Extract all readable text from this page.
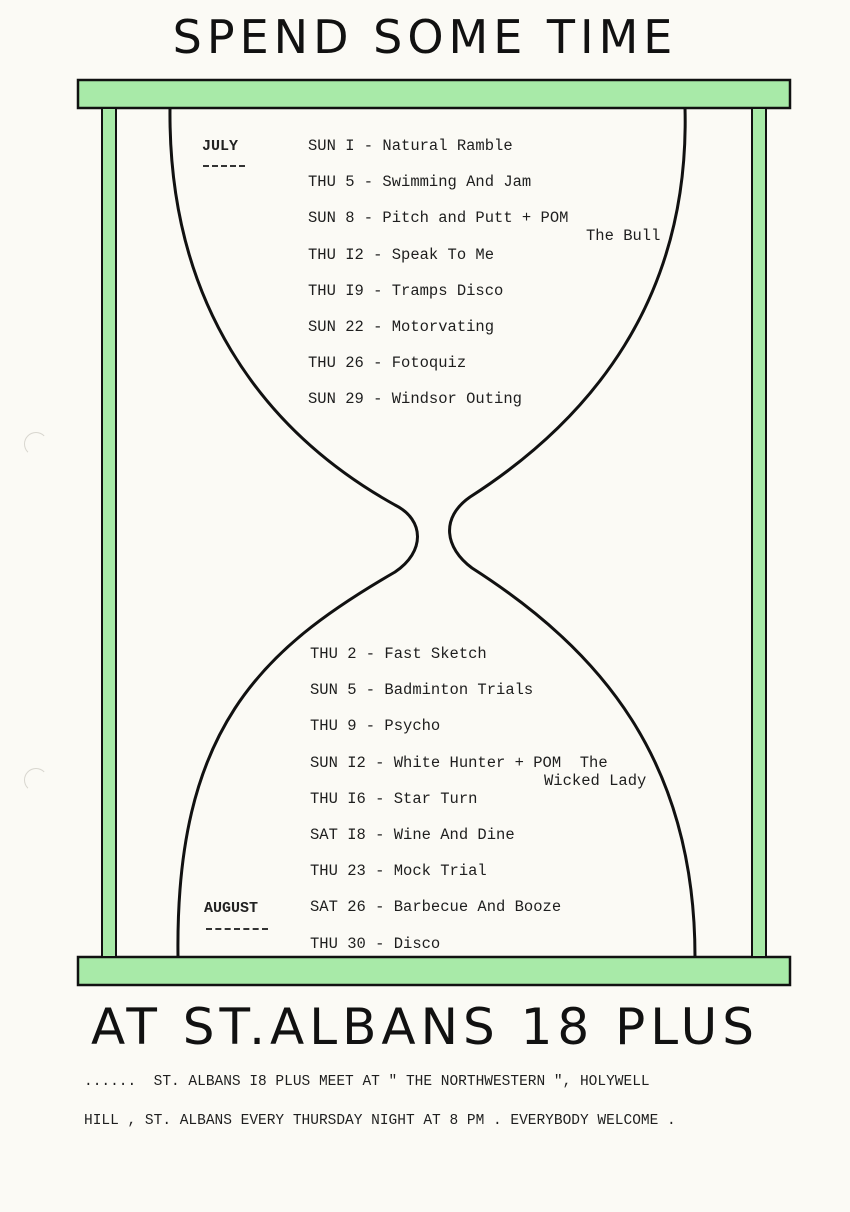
SPEND SOME TIME
JULY
AUGUST
SUN I - Natural Ramble
THU 5 - Swimming And Jam
SUN 8 - Pitch and Putt + POM
The Bull
THU I2 - Speak To Me
THU I9 - Tramps Disco
SUN 22 - Motorvating
THU 26 - Fotoquiz
SUN 29 - Windsor Outing
THU 2 - Fast Sketch
SUN 5 - Badminton Trials
THU 9 - Psycho
SUN I2 - White Hunter + POM  The
Wicked Lady
THU I6 - Star Turn
SAT I8 - Wine And Dine
THU 23 - Mock Trial
SAT 26 - Barbecue And Booze
THU 30 - Disco
AT ST.ALBANS 18 PLUS
......  ST. ALBANS I8 PLUS MEET AT " THE NORTHWESTERN ", HOLYWELL
HILL , ST. ALBANS EVERY THURSDAY NIGHT AT 8 PM . EVERYBODY WELCOME .
